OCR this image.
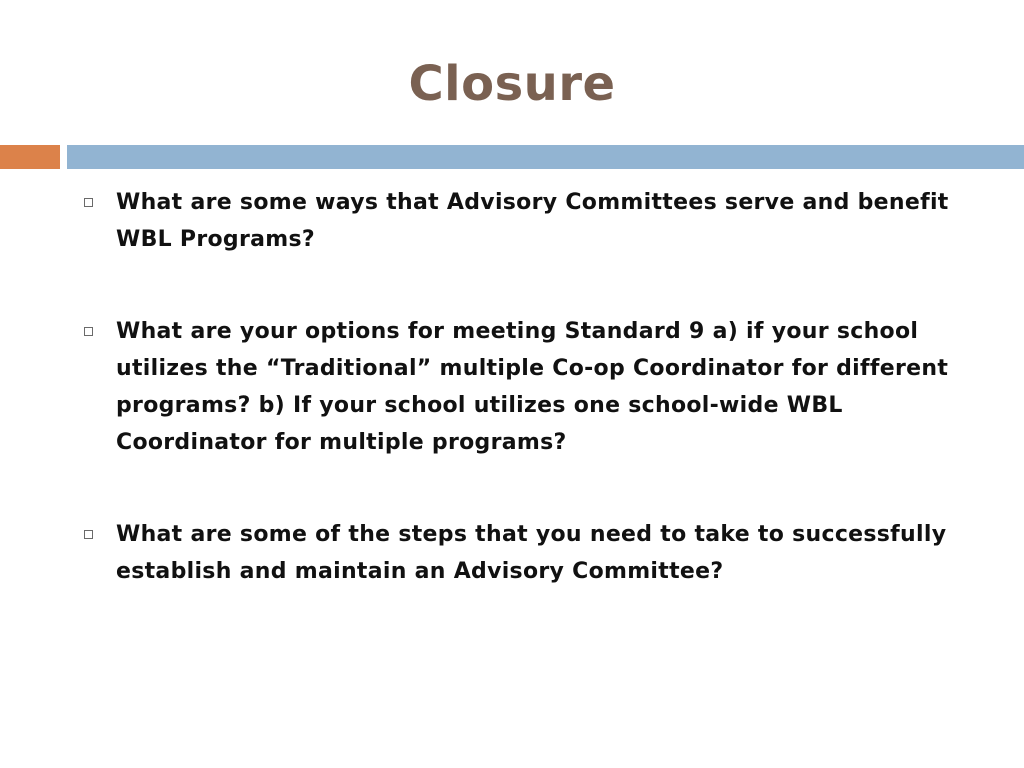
Closure
What are some ways that Advisory Committees serve and benefit WBL Programs?
What are your options for meeting Standard 9 a) if your school utilizes the “Traditional” multiple Co-op Coordinator for different programs? b) If your school utilizes one school-wide WBL Coordinator for multiple programs?
What are some of the steps that you need to take to successfully establish and maintain an Advisory Committee?
